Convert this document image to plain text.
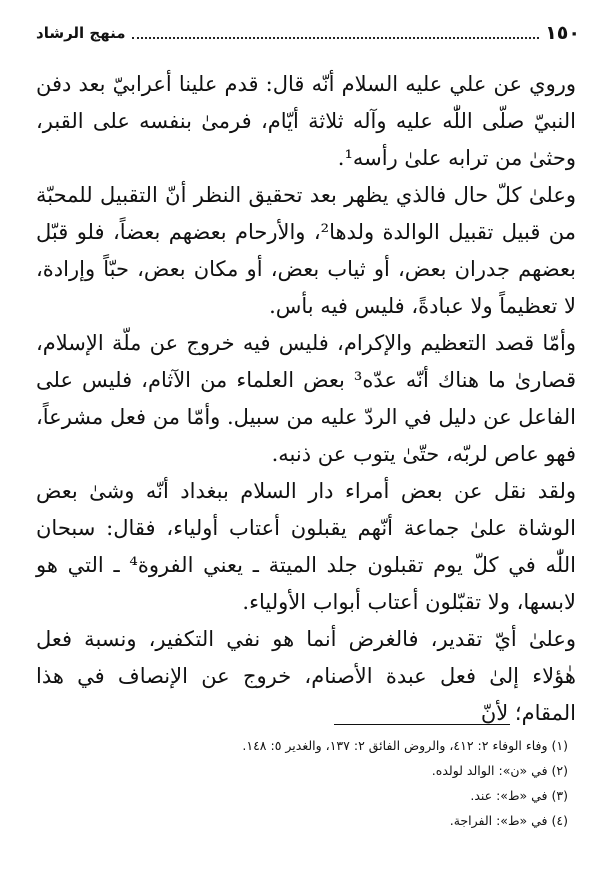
١٥٠
منهج الرشاد

وروي عن علي عليه السلام أنّه قال: قدم علينا أعرابيّ بعد دفن النبيّ صلّى اللّٰه عليه وآله ثلاثة أيّام، فرمىٰ بنفسه على القبر، وحثىٰ من ترابه علىٰ رأسه¹.

وعلىٰ كلّ حال فالذي يظهر بعد تحقيق النظر أنّ التقبيل للمحبّة من قبيل تقبيل الوالدة ولدها²، والأرحام بعضهم بعضاً، فلو قبّل بعضهم جدران بعض، أو ثياب بعض، أو مكان بعض، حبّاً وإرادة، لا تعظيماً ولا عبادةً، فليس فيه بأس.

وأمّا قصد التعظيم والإكرام، فليس فيه خروج عن ملّة الإسلام، قصارىٰ ما هناك أنّه عدّه³ بعض العلماء من الآثام، فليس على الفاعل عن دليل في الردّ عليه من سبيل. وأمّا من فعل مشرعاً، فهو عاص لربّه، حتّىٰ يتوب عن ذنبه.

ولقد نقل عن بعض أمراء دار السلام ببغداد أنّه وشىٰ بعض الوشاة علىٰ جماعة أنّهم يقبلون أعتاب أولياء، فقال: سبحان اللّٰه في كلّ يوم تقبلون جلد الميتة ـ يعني الفروة⁴ ـ التي هو لابسها، ولا تقبّلون أعتاب أبواب الأولياء.

وعلىٰ أيّ تقدير، فالغرض أنما هو نفي التكفير، ونسبة فعل هٰؤلاء إلىٰ فعل عبدة الأصنام، خروج عن الإنصاف في هذا المقام؛ لأنّ

(١) وفاء الوفاء ٢: ٤١٢، والروض الفائق ٢: ١٣٧، والغدير ٥: ١٤٨.

(٢) في «ن»: الوالد لولده.

(٣) في «ط»: عند.

(٤) في «ط»: الفراجة.
